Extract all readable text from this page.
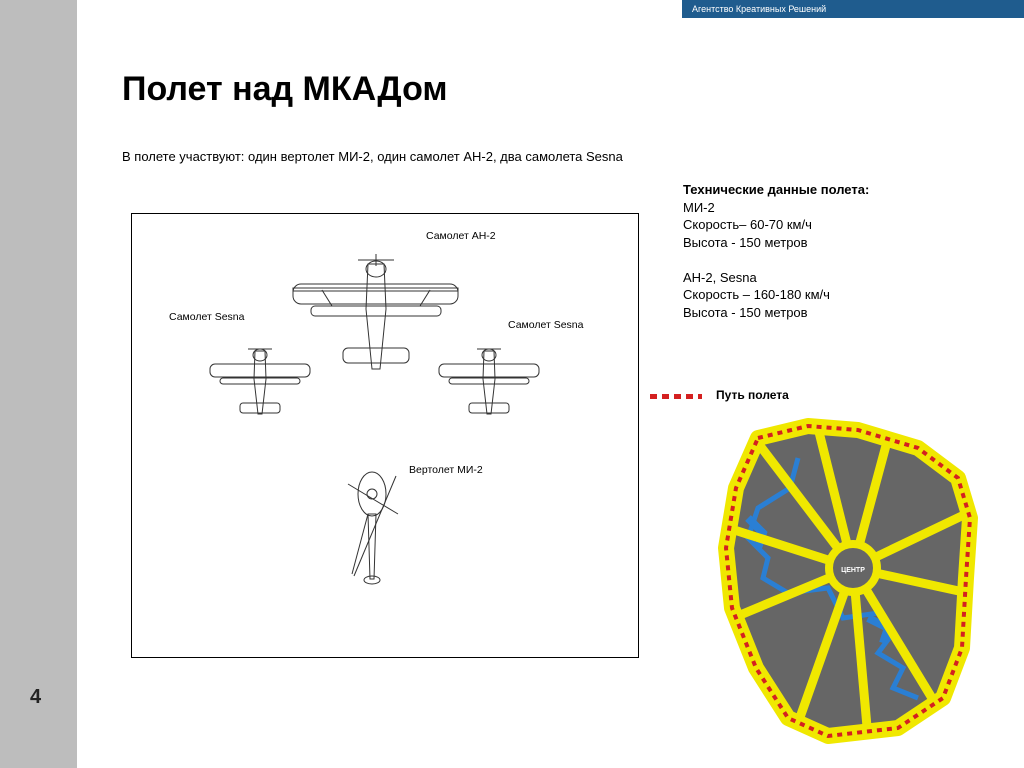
4
Агентство Креативных Решений
Полет над МКАДом
В полете участвуют: один вертолет МИ-2, один самолет АН-2, два самолета Sesna
Самолет АН-2
Самолет Sesna
Самолет Sesna
Вертолет МИ-2
Технические данные полета:
МИ-2
Скорость– 60-70 км/ч
Высота - 150 метров
АН-2, Sesna
Скорость – 160-180 км/ч
Высота - 150 метров
Путь полета
ЦЕНТР
